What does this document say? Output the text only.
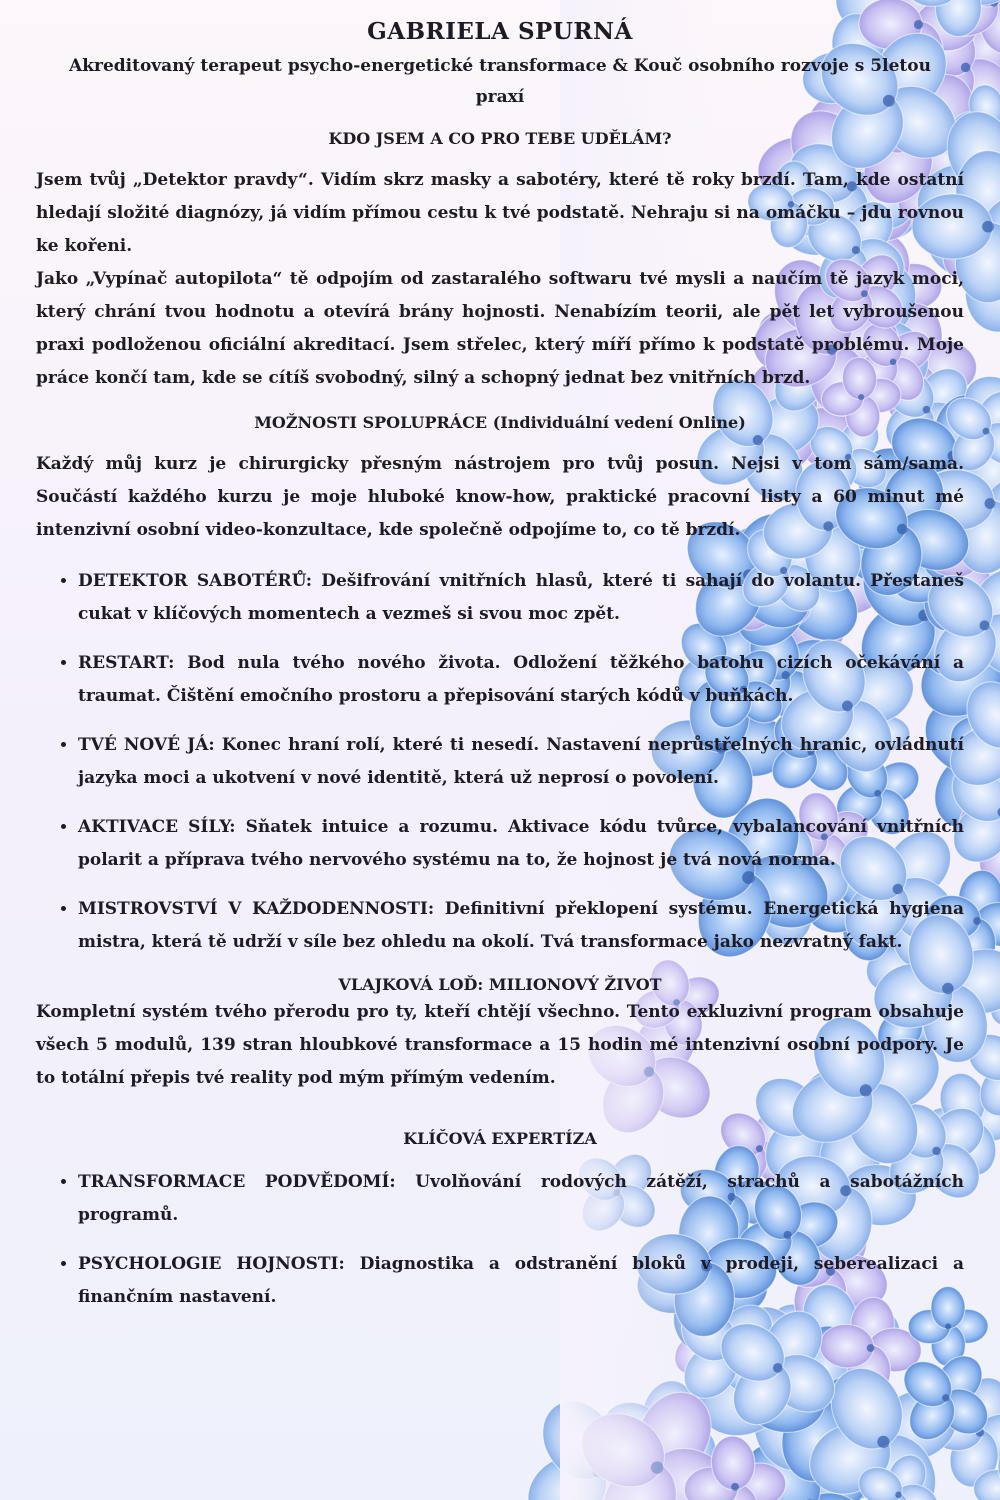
GABRIELA SPURNÁ
Akreditovaný terapeut psycho-energetické transformace & Kouč osobního rozvoje s 5letou praxí
KDO JSEM A CO PRO TEBE UDĚLÁM?

Jsem tvůj „Detektor pravdy“. Vidím skrz masky a sabotéry, které tě roky brzdí. Tam, kde ostatní hledají složité diagnózy, já vidím přímou cestu k tvé podstatě. Nehraju si na omáčku – jdu rovnou ke kořeni.

Jako „Vypínač autopilota“ tě odpojím od zastaralého softwaru tvé mysli a naučím tě jazyk moci, který chrání tvou hodnotu a otevírá brány hojnosti. Nenabízím teorii, ale pět let vybroušenou praxi podloženou oficiální akreditací. Jsem střelec, který míří přímo k podstatě problému. Moje práce končí tam, kde se cítíš svobodný, silný a schopný jednat bez vnitřních brzd.

MOŽNOSTI SPOLUPRÁCE (Individuální vedení Online)

Každý můj kurz je chirurgicky přesným nástrojem pro tvůj posun. Nejsi v tom sám/sama. Součástí každého kurzu je moje hluboké know-how, praktické pracovní listy a 60 minut mé intenzivní osobní video-konzultace, kde společně odpojíme to, co tě brzdí.

• DETEKTOR SABOTÉRŮ: Dešifrování vnitřních hlasů, které ti sahají do volantu. Přestaneš cukat v klíčových momentech a vezmeš si svou moc zpět.
• RESTART: Bod nula tvého nového života. Odložení těžkého batohu cizích očekávání a traumat. Čištění emočního prostoru a přepisování starých kódů v buňkách.
• TVÉ NOVÉ JÁ: Konec hraní rolí, které ti nesedí. Nastavení neprůstřelných hranic, ovládnutí jazyka moci a ukotvení v nové identitě, která už neprosí o povolení.
• AKTIVACE SÍLY: Sňatek intuice a rozumu. Aktivace kódu tvůrce, vybalancování vnitřních polarit a příprava tvého nervového systému na to, že hojnost je tvá nová norma.
• MISTROVSTVÍ V KAŽDODENNOSTI: Definitivní překlopení systému. Energetická hygiena mistra, která tě udrží v síle bez ohledu na okolí. Tvá transformace jako nezvratný fakt.
VLAJKOVÁ LOĎ: MILIONOVÝ ŽIVOT

Kompletní systém tvého přerodu pro ty, kteří chtějí všechno. Tento exkluzivní program obsahuje všech 5 modulů, 139 stran hloubkové transformace a 15 hodin mé intenzivní osobní podpory. Je to totální přepis tvé reality pod mým přímým vedením.

KLÍČOVÁ EXPERTÍZA
• TRANSFORMACE PODVĚDOMÍ: Uvolňování rodových zátěží, strachů a sabotážních programů.
• PSYCHOLOGIE HOJNOSTI: Diagnostika a odstranění bloků v prodeji, seberealizaci a finančním nastavení.
